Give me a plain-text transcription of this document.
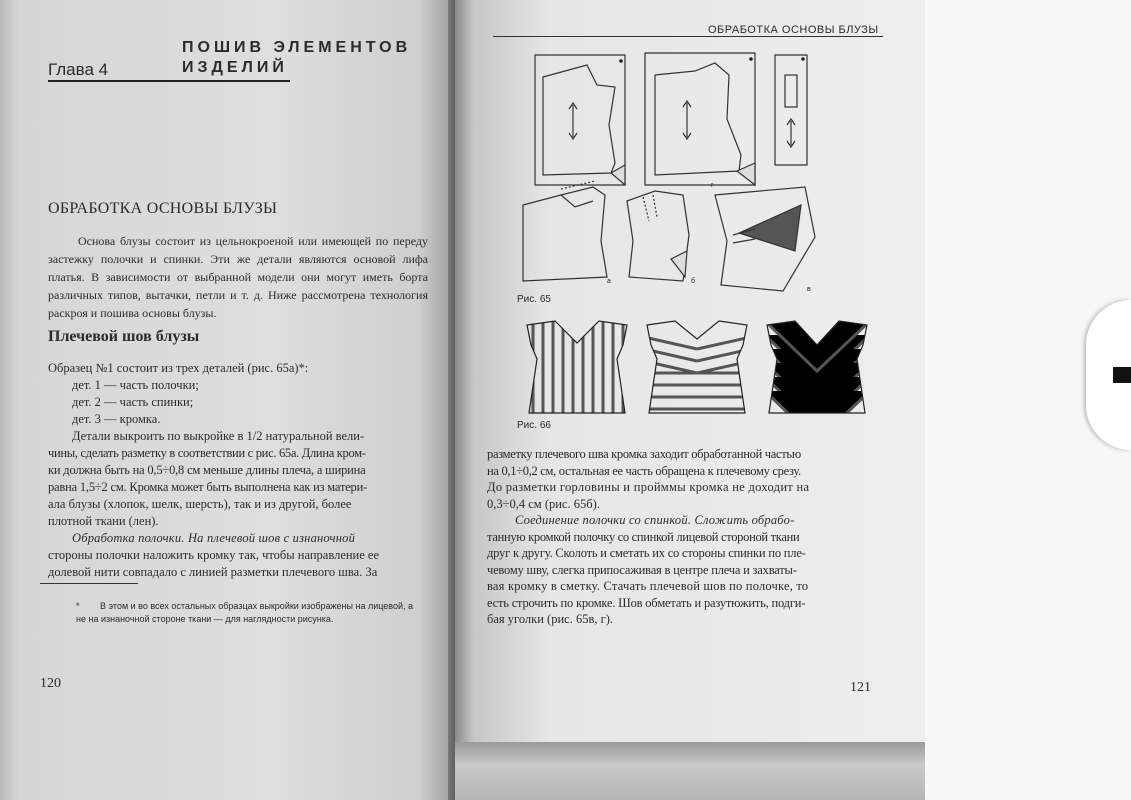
Глава 4
ПОШИВ ЭЛЕМЕНТОВ
ИЗДЕЛИЙ
ОБРАБОТКА ОСНОВЫ БЛУЗЫ

Основа блузы состоит из цельнокроеной или имеющей по переду застежку полочки и спинки. Эти же детали являются основой лифа платья. В зависимости от выбранной модели они могут иметь борта различных типов, вытачки, петли и т. д. Ниже рассмотрена технология раскроя и пошива основы блузы.

Плечевой шов блузы
Образец №1 состоит из трех деталей (рис. 65а)*:
дет. 1 — часть полочки;
дет. 2 — часть спинки;
дет. 3 — кромка.
Детали выкроить по выкройке в 1/2 натуральной вели-
чины, сделать разметку в соответствии с рис. 65а. Длина кром-
ки должна быть на 0,5÷0,8 см меньше длины плеча, а ширина
равна 1,5÷2 см. Кромка может быть выполнена как из матери-
ала блузы (хлопок, шелк, шерсть), так и из другой, более
плотной ткани (лен).
Обработка полочки. На плечевой шов с изнаночной
стороны полочки наложить кромку так, чтобы направление ее
долевой нити совпадало с линией разметки плечевого шва. За
* В этом и во всех остальных образцах выкройки изображены на лицевой, а не на изнаночной стороне ткани — для наглядности рисунка.
120
ОБРАБОТКА ОСНОВЫ БЛУЗЫ
а	б
в
г
Рис. 65
Рис. 66
разметку плечевого шва кромка заходит обработанной частью
на 0,1÷0,2 см, остальная ее часть обращена к плечевому срезу.
До разметки горловины и пройммы кромка не доходит на
0,3÷0,4 см (рис. 65б).
Соединение полочки со спинкой. Сложить обрабо-
танную кромкой полочку со спинкой лицевой стороной ткани
друг к другу. Сколоть и сметать их со стороны спинки по пле-
чевому шву, слегка припосаживая в центре плеча и захваты-
вая кромку в сметку. Стачать плечевой шов по полочке, то
есть строчить по кромке. Шов обметать и разутюжить, подги-
бая уголки (рис. 65в, г).
121
